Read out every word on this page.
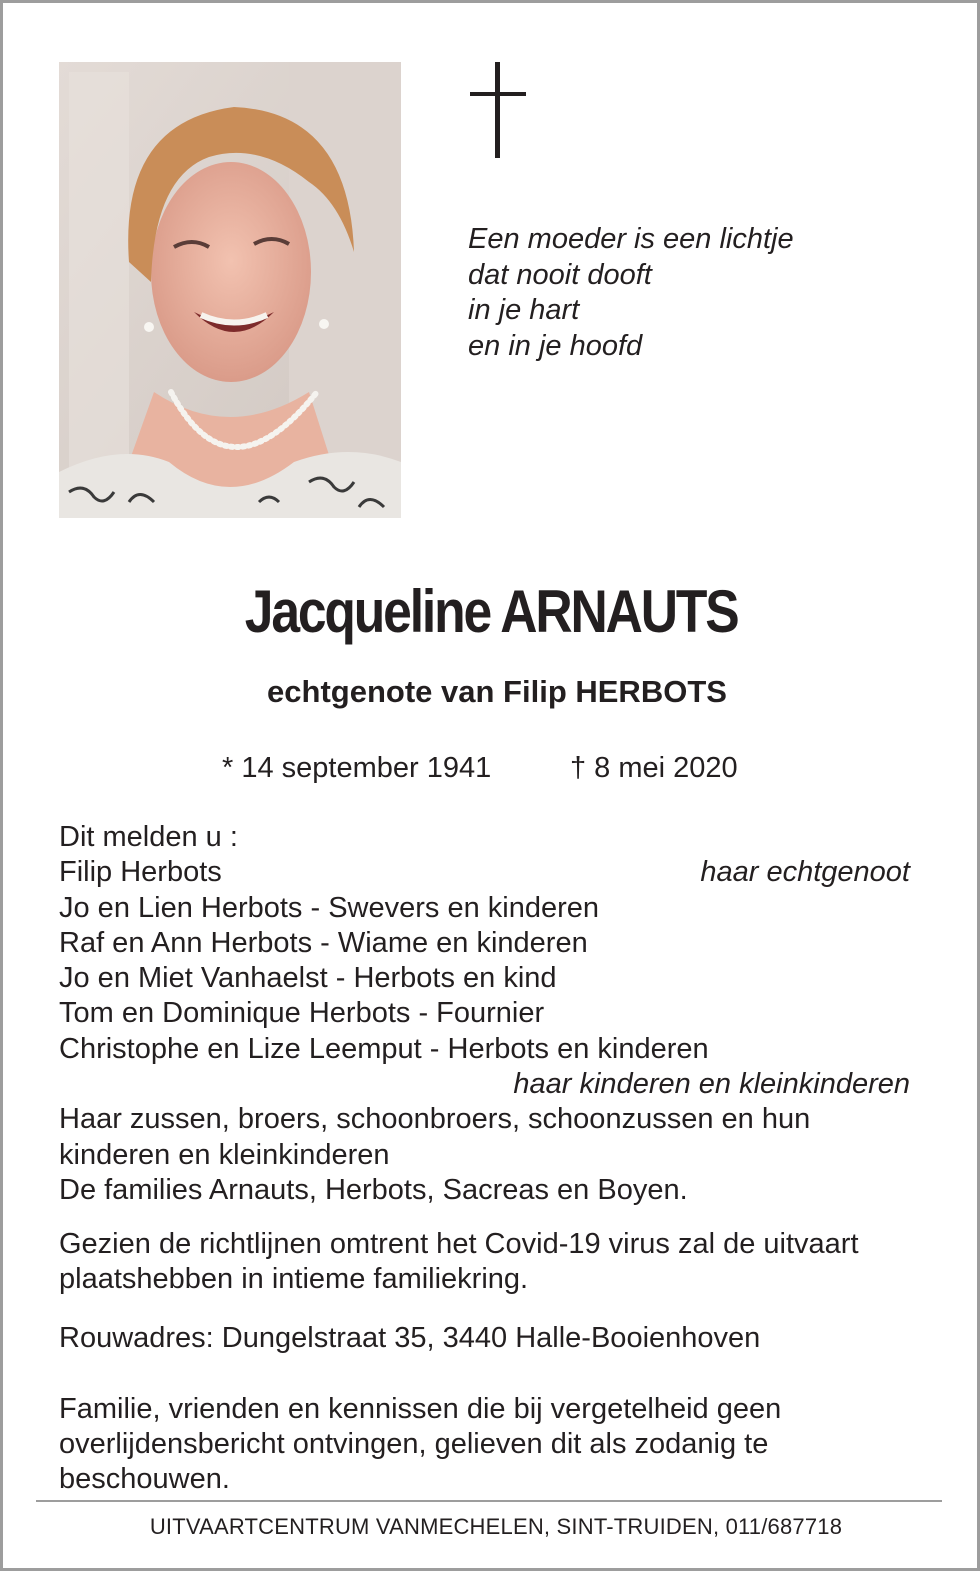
Een moeder is een lichtje
dat nooit dooft
in je hart
en in je hoofd
Jacqueline ARNAUTS
echtgenote van Filip HERBOTS
* 14 september 1941	† 8 mei 2020
Dit melden u :
Filip Herbots	haar echtgenoot
Jo en Lien Herbots - Swevers en kinderen
Raf en Ann Herbots - Wiame en kinderen
Jo en Miet Vanhaelst - Herbots en kind
Tom en Dominique Herbots - Fournier
Christophe en Lize Leemput - Herbots en kinderen
haar kinderen en kleinkinderen
Haar zussen, broers, schoonbroers, schoonzussen en hun
kinderen en kleinkinderen
De families Arnauts, Herbots, Sacreas en Boyen.
Gezien de richtlijnen omtrent het Covid-19 virus zal de uitvaart
plaatshebben in intieme familiekring.
Rouwadres: Dungelstraat 35, 3440 Halle-Booienhoven
Familie, vrienden en kennissen die bij vergetelheid geen
overlijdensbericht ontvingen, gelieven dit als zodanig te
beschouwen.
UITVAARTCENTRUM VANMECHELEN, SINT-TRUIDEN, 011/687718
